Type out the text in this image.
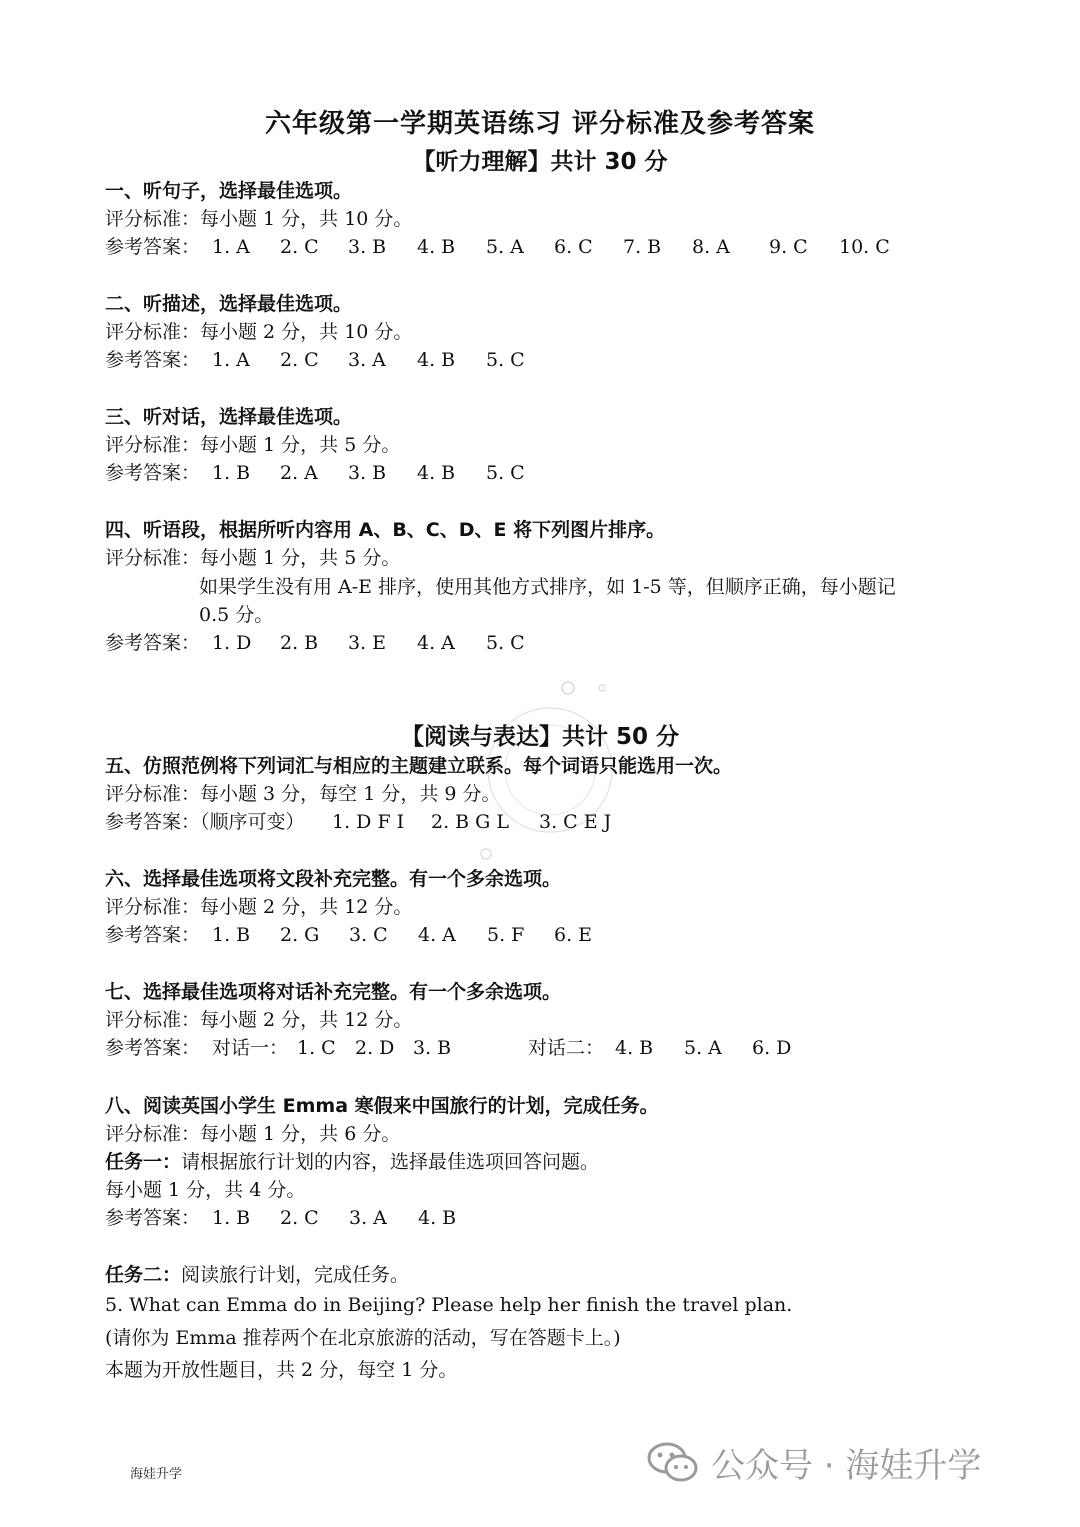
六年级第一学期英语练习 评分标准及参考答案
【听力理解】共计 30 分
一、听句子，选择最佳选项。
评分标准：每小题 1 分，共 10 分。
参考答案： 1. A 2. C 3. B 4. B 5. A 6. C 7. B 8. A 9. C 10. C
二、听描述，选择最佳选项。
评分标准：每小题 2 分，共 10 分。
参考答案： 1. A 2. C 3. A 4. B 5. C
三、听对话，选择最佳选项。
评分标准：每小题 1 分，共 5 分。
参考答案： 1. B 2. A 3. B 4. B 5. C
四、听语段，根据所听内容用 A、B、C、D、E 将下列图片排序。
评分标准：每小题 1 分，共 5 分。
如果学生没有用 A-E 排序，使用其他方式排序，如 1-5 等，但顺序正确，每小题记
0.5 分。
参考答案： 1. D 2. B 3. E 4. A 5. C
【阅读与表达】共计 50 分
五、仿照范例将下列词汇与相应的主题建立联系。每个词语只能选用一次。
评分标准：每小题 3 分，每空 1 分，共 9 分。
参考答案：（顺序可变） 1. D F I 2. B G L 3. C E J
六、选择最佳选项将文段补充完整。有一个多余选项。
评分标准：每小题 2 分，共 12 分。
参考答案： 1. B 2. G 3. C 4. A 5. F 6. E
七、选择最佳选项将对话补充完整。有一个多余选项。
评分标准：每小题 2 分，共 12 分。
参考答案： 对话一： 1. C 2. D 3. B	对话二： 4. B 5. A 6. D
八、阅读英国小学生 Emma 寒假来中国旅行的计划，完成任务。
评分标准：每小题 1 分，共 6 分。
任务一：请根据旅行计划的内容，选择最佳选项回答问题。
每小题 1 分，共 4 分。
参考答案： 1. B 2. C 3. A 4. B
任务二：阅读旅行计划，完成任务。
5. What can Emma do in Beijing? Please help her finish the travel plan.
(请你为 Emma 推荐两个在北京旅游的活动，写在答题卡上。)
本题为开放性题目，共 2 分，每空 1 分。
海娃升学	公众号 · 海娃升学
